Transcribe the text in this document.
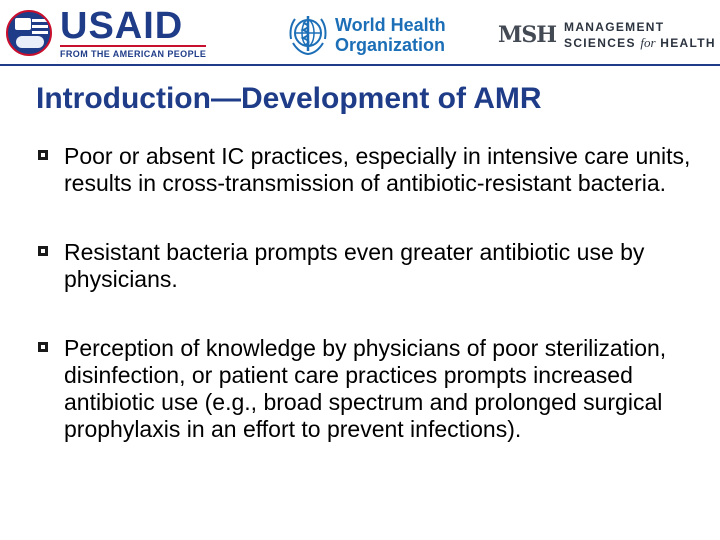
USAID
FROM THE AMERICAN PEOPLE
World Health
Organization MSH MANAGEMENT
SCIENCES for HEALTH
Introduction—Development of AMR
Poor or absent IC practices, especially in intensive care units, results in cross-transmission of antibiotic-resistant bacteria.
Resistant bacteria prompts even greater antibiotic use by physicians.
Perception of knowledge by physicians of poor sterilization, disinfection, or patient care practices prompts increased antibiotic use (e.g., broad spectrum and prolonged surgical prophylaxis in an effort to prevent infections).
